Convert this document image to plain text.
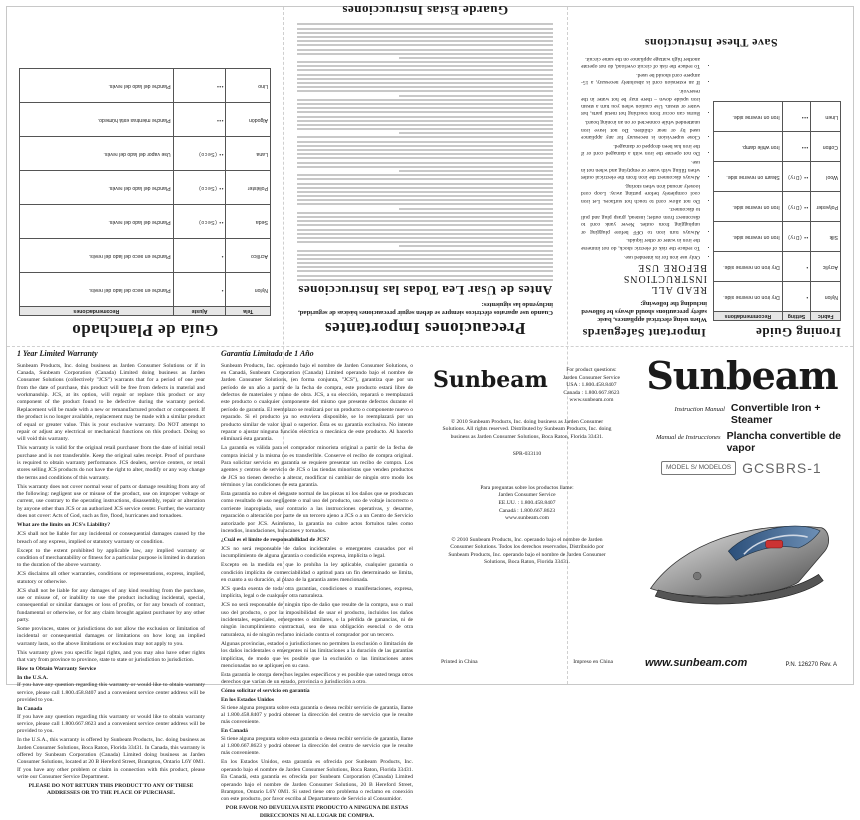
Guía de Planchado
Tela	Ajuste	Recomendaciones
Nylon	•	Planche en seco del lado del revés.
Acrílico	•	Planche en seco del lado del revés.
Seda	•• (Seco)	Planche del lado del revés.
Poliéster	•• (Seco)	Planche del lado del revés.
Lana	•• (Seco)	Use vapor del lado del revés.
Algodón	•••	Planche mientras está húmedo.
Lino	•••	Planche del lado del revés.
Precauciones Importantes
Cuando use aparatos eléctricos siempre se deben seguir precauciones básicas de seguridad, incluyendo las siguientes:
Antes de Usar Lea Todas las Instrucciones
Guarde Estas Instrucciones
Ironing Guide
Fabric	Setting	Recommendations
Nylon	•	Dry iron on reverse side.
Acrylic	•	Dry iron on reverse side.
Silk	•• (Dry)	Iron on reverse side.
Polyester	•• (Dry)	Iron on reverse side.
Wool	•• (Dry)	Steam on reverse side.
Cotton	•••	Iron while damp.
Linen	•••	Iron on reverse side.
Important Safeguards
When using electrical appliances, basic safety precautions should always be followed including the following:
READ ALL INSTRUCTIONS BEFORE USE
• Only use iron for its intended use.
• To reduce the risk of electric shock, do not immerse the iron in water or other liquids.
• Always turn iron to OFF before plugging or unplugging from outlet. Never yank cord to disconnect from outlet; instead, grasp plug and pull to disconnect.
• Do not allow cord to touch hot surfaces. Let iron cool completely before putting away. Loop cord loosely around iron when storing.
• Always disconnect the iron from the electrical outlet when filling with water or emptying and when not in use.
• Do not operate the iron with a damaged cord or if the iron has been dropped or damaged.
• Close supervision is necessary for any appliance used by or near children. Do not leave iron unattended while connected or on an ironing board.
• Burns can occur from touching hot metal parts, hot water or steam. Use caution when you turn a steam iron upside down – there may be hot water in the reservoir.
• If an extension cord is absolutely necessary, a 15-ampere cord should be used.
• To reduce the risk of circuit overload, do not operate another high wattage appliance on the same circuit.
Save These Instructions
1 Year Limited Warranty

Sunbeam Products, Inc. doing business as Jarden Consumer Solutions or if in Canada, Sunbeam Corporation (Canada) Limited doing business as Jarden Consumer Solutions (collectively "JCS") warrants that for a period of one year from the date of purchase, this product will be free from defects in material and workmanship. JCS, at its option, will repair or replace this product or any component of the product found to be defective during the warranty period. Replacement will be made with a new or remanufactured product or component. If the product is no longer available, replacement may be made with a similar product of equal or greater value. This is your exclusive warranty. Do NOT attempt to repair or adjust any electrical or mechanical functions on this product. Doing so will void this warranty.

This warranty is valid for the original retail purchaser from the date of initial retail purchase and is not transferable. Keep the original sales receipt. Proof of purchase is required to obtain warranty performance. JCS dealers, service centers, or retail stores selling JCS products do not have the right to alter, modify or any way change the terms and conditions of this warranty.

This warranty does not cover normal wear of parts or damage resulting from any of the following: negligent use or misuse of the product, use on improper voltage or current, use contrary to the operating instructions, disassembly, repair or alteration by anyone other than JCS or an authorized JCS service center. Further, the warranty does not cover: Acts of God, such as fire, flood, hurricanes and tornadoes.

What are the limits on JCS's Liability?

JCS shall not be liable for any incidental or consequential damages caused by the breach of any express, implied or statutory warranty or condition.

Except to the extent prohibited by applicable law, any implied warranty or condition of merchantability or fitness for a particular purpose is limited in duration to the duration of the above warranty.

JCS disclaims all other warranties, conditions or representations, express, implied, statutory or otherwise.

JCS shall not be liable for any damages of any kind resulting from the purchase, use or misuse of, or inability to use the product including incidental, special, consequential or similar damages or loss of profits, or for any breach of contract, fundamental or otherwise, or for any claim brought against purchaser by any other party.

Some provinces, states or jurisdictions do not allow the exclusion or limitation of incidental or consequential damages or limitations on how long an implied warranty lasts, so the above limitations or exclusion may not apply to you.

This warranty gives you specific legal rights, and you may also have other rights that vary from province to province, state to state or jurisdiction to jurisdiction.

How to Obtain Warranty Service

In the U.S.A.

If you have any question regarding this warranty or would like to obtain warranty service, please call 1.800.458.8407 and a convenient service center address will be provided to you.

In Canada

If you have any question regarding this warranty or would like to obtain warranty service, please call 1.800.667.8623 and a convenient service center address will be provided to you.

In the U.S.A., this warranty is offered by Sunbeam Products, Inc. doing business as Jarden Consumer Solutions, Boca Raton, Florida 33431. In Canada, this warranty is offered by Sunbeam Corporation (Canada) Limited doing business as Jarden Consumer Solutions, located at 20 B Hereford Street, Brampton, Ontario L6Y 0M1. If you have any other problem or claim in connection with this product, please write our Consumer Service Department.

PLEASE DO NOT RETURN THIS PRODUCT TO ANY OF THESE ADDRESSES OR TO THE PLACE OF PURCHASE.

Garantía Limitada de 1 Año

Sunbeam Products, Inc. operando bajo el nombre de Jarden Consumer Solutions, o en Canadá, Sunbeam Corporation (Canada) Limited operando bajo el nombre de Jarden Consumer Solutions, (en forma conjunta, "JCS"), garantiza que por un período de un año a partir de la fecha de compra, este producto estará libre de defectos de materiales y mano de obra. JCS, a su elección, reparará o reemplazará este producto o cualquier componente del mismo que presente defectos durante el período de garantía. El reemplazo se realizará por un producto o componente nuevo o reparado. Si el producto ya no estuviera disponible, se lo reemplazará por un producto similar de valor igual o superior. Ésta es su garantía exclusiva. No intente reparar o ajustar ninguna función eléctrica o mecánica de este producto. Al hacerlo elimínará ésta garantía.

La garantía es válida para el comprador minorista original a partir de la fecha de compra inicial y la misma no es transferible. Conserve el recibo de compra original. Para solicitar servicio en garantía se requiere presentar un recibo de compra. Los agentes y centros de servicio de JCS o las tiendas minoristas que venden productos de JCS no tienen derecho a alterar, modificar ni cambiar de ningún otro modo los términos y las condiciones de esta garantía.

Esta garantía no cubre el desgaste normal de las piezas ni los daños que se produzcan como resultado de uso negligente o mal uso del producto, uso de voltaje incorrecto o corriente inapropiada, uso contrario a las instrucciones operativas, y desarme, reparación o alteración por parte de un tercero ajeno a JCS o a un Centro de Servicio autorizado por JCS. Asimismo, la garantía no cubre actos fortuitos tales como incendios, inundaciones, huracanes y tornados.

¿Cuál es el límite de responsabilidad de JCS?

JCS no será responsable de daños incidentales o emergentes causados por el incumplimiento de alguna garantía o condición expresa, implícita o legal.

Excepto en la medida en que lo prohíba la ley aplicable, cualquier garantía o condición implícita de comerciabilidad o aptitud para un fin determinado se limita, en cuanto a su duración, al plazo de la garantía antes mencionada.

JCS queda exenta de toda otra garantías, condiciones o manifestaciones, expresa, implícita, legal o de cualquier otra naturaleza.

JCS no será responsable de ningún tipo de daño que resulte de la compra, uso o mal uso del producto, o por la imposibilidad de usar el producto, incluidos los daños incidentales, especiales, emergentes o similares, o la pérdida de ganancias, ni de ningún incumplimiento contractual, sea de una obligación esencial o de otra naturaleza, ni de ningún reclamo iniciado contra el comprador por un tercero.

Algunas provincias, estados o jurisdicciones no permiten la exclusión o limitación de los daños incidentales o emergentes ni las limitaciones a la duración de las garantías implícitas, de modo que es posible que la exclusión o las limitaciones antes mencionadas no se apliquen en su caso.

Esta garantía le otorga derechos legales específicos y es posible que usted tenga otros derechos que varían de un estado, provincia o jurisdicción a otro.

Cómo solicitar el servicio en garantía

En los Estados Unidos

Si tiene alguna pregunta sobre esta garantía o desea recibir servicio de garantía, llame al 1.800.458.8407 y podrá obtener la dirección del centro de servicio que le resulte más conveniente.

En Canadá

Si tiene alguna pregunta sobre esta garantía o desea recibir servicio de garantía, llame al 1.800.667.8623 y podrá obtener la dirección del centro de servicio que le resulte más conveniente.

En los Estados Unidos, esta garantía es ofrecida por Sunbeam Products, Inc. operando bajo el nombre de Jarden Consumer Solutions, Boca Raton, Florida 33431. En Canadá, esta garantía es ofrecida por Sunbeam Corporation (Canada) Limited operando bajo el nombre de Jarden Consumer Solutions, 20 B Hereford Street, Brampton, Ontario L6Y 0M1. Si usted tiene otro problema o reclamo en conexión con este producto, por favor escriba al Departamento de Servicio al Consumidor.

POR FAVOR NO DEVUELVA ESTE PRODUCTO A NINGUNA DE ESTAS DIRECCIONES NI AL LUGAR DE COMPRA.

Sunbeam
Instruction Manual Convertible Iron + Steamer
Manual de Instrucciones Plancha convertible de vapor
MODEL S/ MODELOS GCSBRS-1
www.sunbeam.com	P.N. 126270 Rev. A
Sunbeam	For product questions:
Jarden Consumer Service
USA : 1.800.458.8407
Canada : 1.800.667.8623
www.sunbeam.com
© 2010 Sunbeam Products, Inc. doing business as Jarden Consumer Solutions. All rights reserved. Distributed by Sunbeam Products, Inc. doing business as Jarden Consumer Solutions, Boca Raton, Florida 33431.
SPR-033110
Para preguntas sobre los productos llame:
Jarden Consumer Service
EE.UU. : 1.800.458.8407
Canadá : 1.800.667.8623
www.sunbeam.com
© 2010 Sunbeam Products, Inc. operando bajo el nombre de Jarden Consumer Solutions. Todos los derechos reservados. Distribuido por Sunbeam Products, Inc. operando bajo el nombre de Jarden Consumer Solutions, Boca Raton, Florida 33431.
Printed in China	Impreso en China
